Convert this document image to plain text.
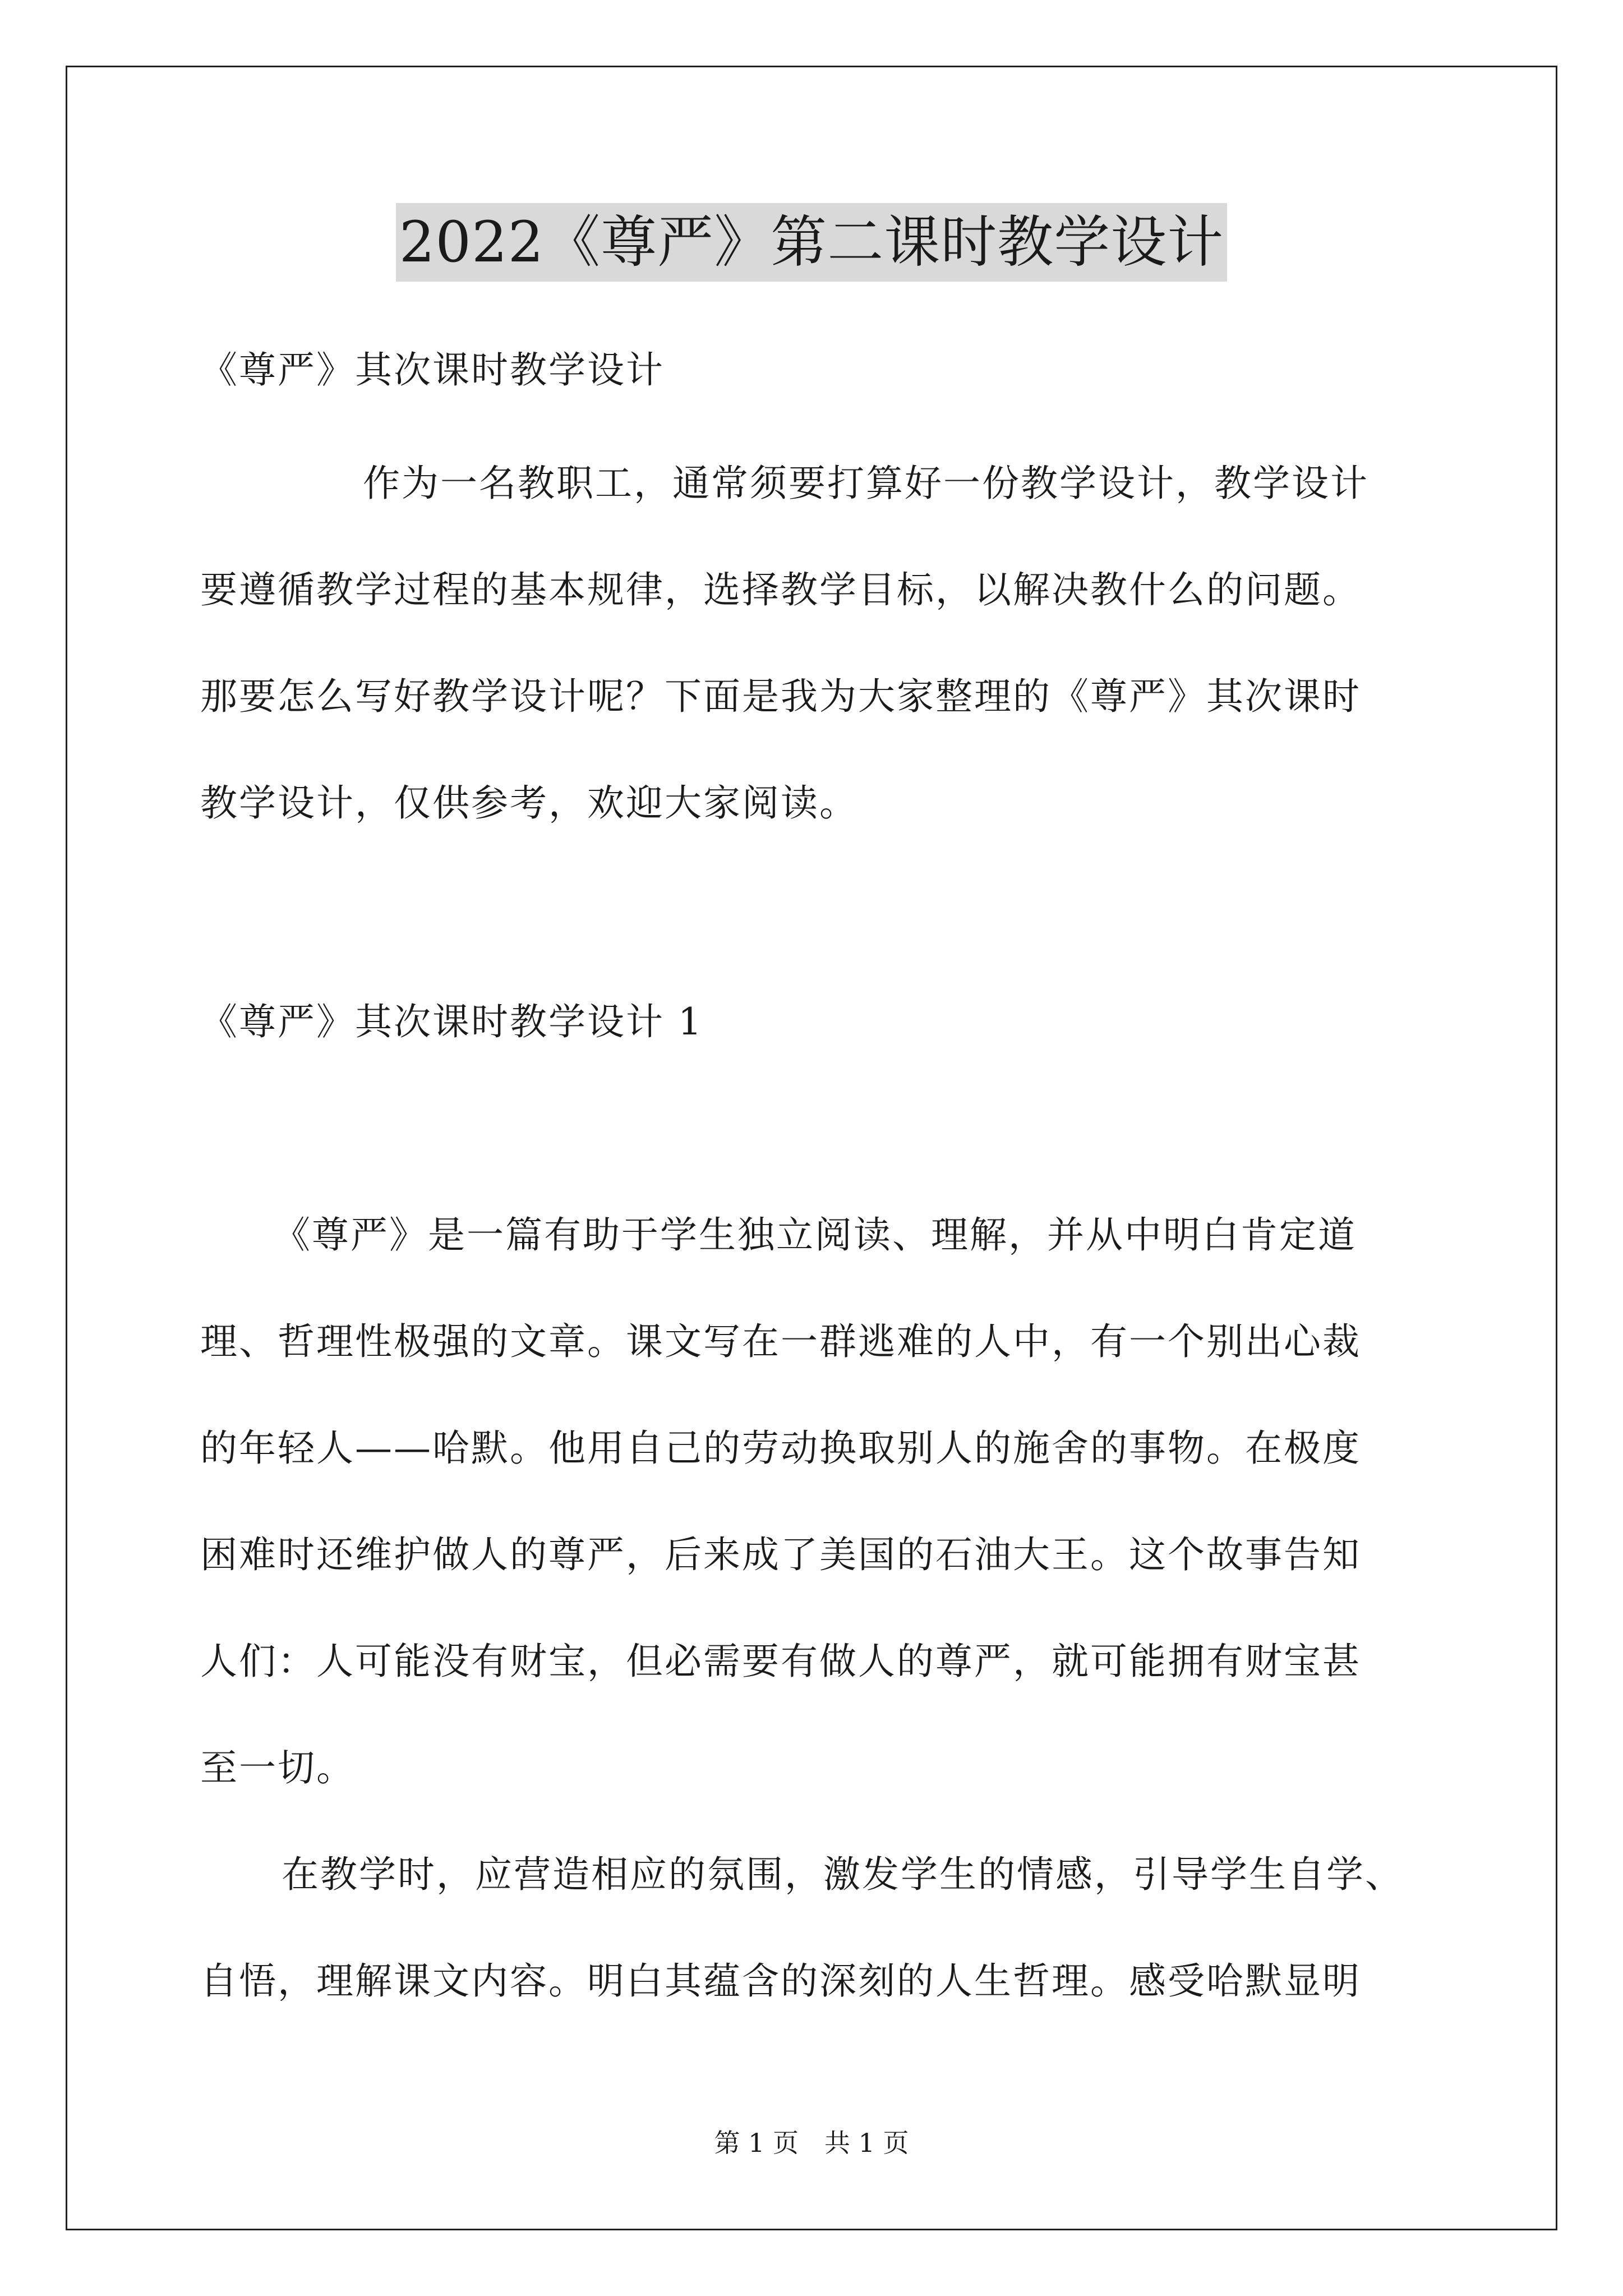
2022《尊严》第二课时教学设计
《尊严》其次课时教学设计
作为一名教职工，通常须要打算好一份教学设计，教学设计
要遵循教学过程的基本规律，选择教学目标，以解决教什么的问题。
那要怎么写好教学设计呢？下面是我为大家整理的《尊严》其次课时
教学设计，仅供参考，欢迎大家阅读。
《尊严》其次课时教学设计 1
《尊严》是一篇有助于学生独立阅读、理解，并从中明白肯定道
理、哲理性极强的文章。课文写在一群逃难的人中，有一个别出心裁
的年轻人——哈默。他用自己的劳动换取别人的施舍的事物。在极度
困难时还维护做人的尊严，后来成了美国的石油大王。这个故事告知
人们：人可能没有财宝，但必需要有做人的尊严，就可能拥有财宝甚
至一切。
在教学时，应营造相应的氛围，激发学生的情感，引导学生自学、
自悟，理解课文内容。明白其蕴含的深刻的人生哲理。感受哈默显明
第 1 页　共 1 页
